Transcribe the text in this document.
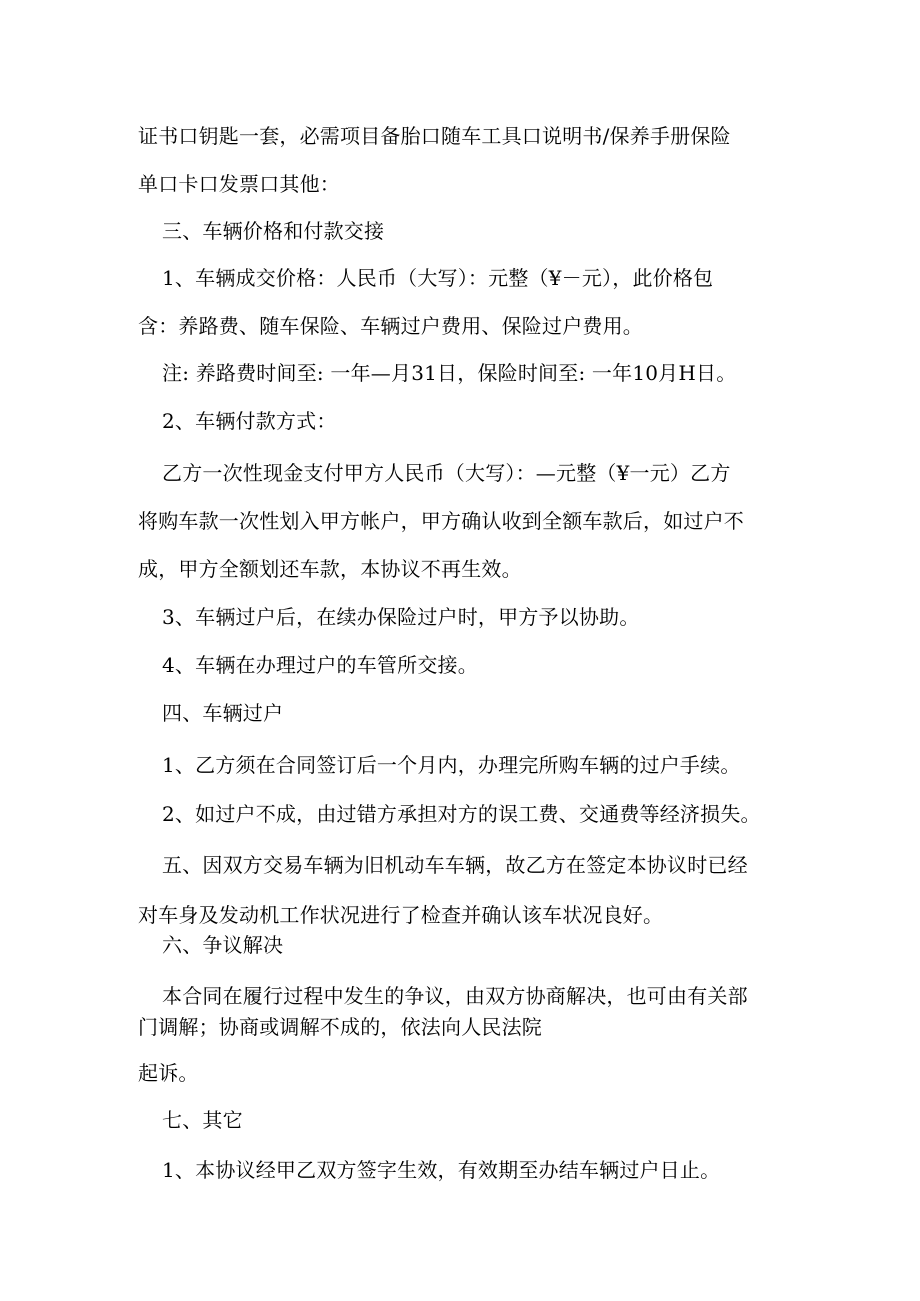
证书口钥匙一套，必需项目备胎口随车工具口说明书/保养手册保险
单口卡口发票口其他：
三、车辆价格和付款交接
1、车辆成交价格：人民币（大写）：元整（¥－元），此价格包
含：养路费、随车保险、车辆过户费用、保险过户费用。
注: 养路费时间至: 一年—月31日，保险时间至: 一年10月H日。
2、车辆付款方式：
乙方一次性现金支付甲方人民币（大写）：—元整（¥一元）乙方
将购车款一次性划入甲方帐户，甲方确认收到全额车款后，如过户不
成，甲方全额划还车款，本协议不再生效。
3、车辆过户后，在续办保险过户时，甲方予以协助。
4、车辆在办理过户的车管所交接。
四、车辆过户
1、乙方须在合同签订后一个月内，办理完所购车辆的过户手续。
2、如过户不成，由过错方承担对方的误工费、交通费等经济损失。
五、因双方交易车辆为旧机动车车辆，故乙方在签定本协议时已经
对车身及发动机工作状况进行了检查并确认该车状况良好。
六、争议解决
本合同在履行过程中发生的争议，由双方协商解决，也可由有关部
门调解；协商或调解不成的，依法向人民法院
起诉。
七、其它
1、本协议经甲乙双方签字生效，有效期至办结车辆过户日止。
